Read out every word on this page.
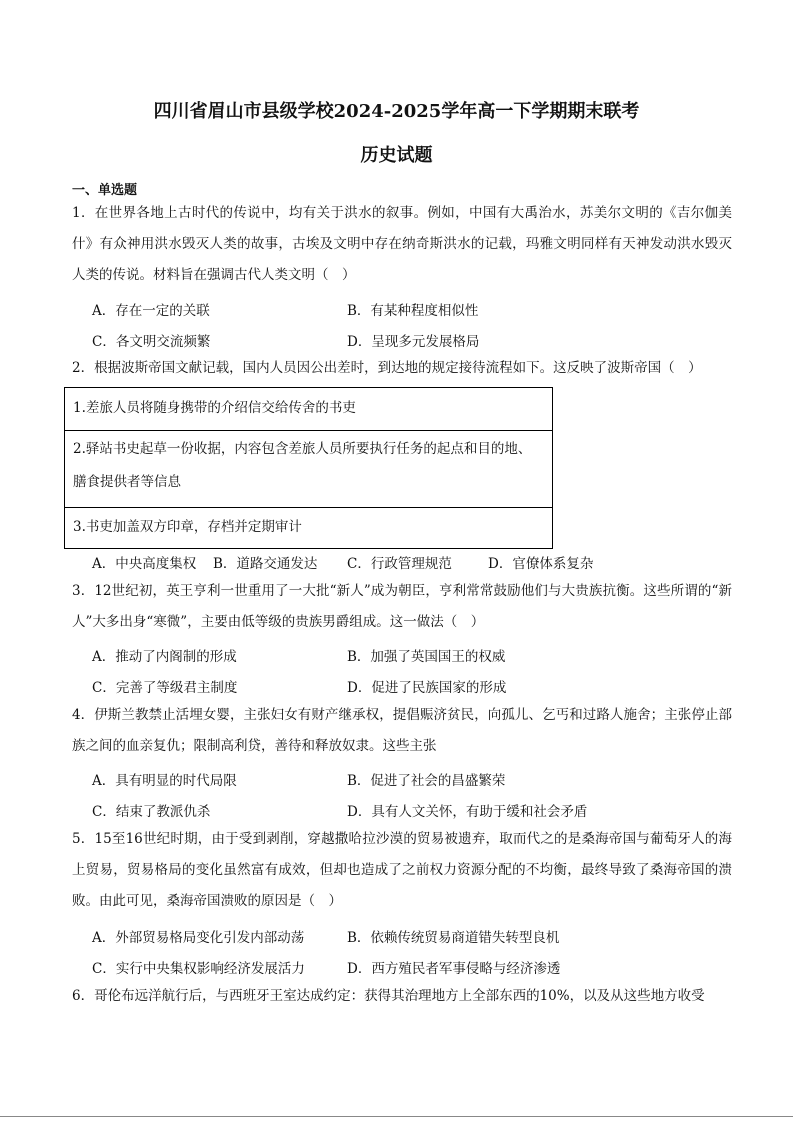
四川省眉山市县级学校2024-2025学年高一下学期期末联考
历史试题
一、单选题
1．在世界各地上古时代的传说中，均有关于洪水的叙事。例如，中国有大禹治水，苏美尔文明的《吉尔伽美什》有众神用洪水毁灭人类的故事，古埃及文明中存在纳奇斯洪水的记载，玛雅文明同样有天神发动洪水毁灭人类的传说。材料旨在强调古代人类文明（　）
A．存在一定的关联	B．有某种程度相似性
C．各文明交流频繁	D．呈现多元发展格局
2．根据波斯帝国文献记载，国内人员因公出差时，到达地的规定接待流程如下。这反映了波斯帝国（　）
1.差旅人员将随身携带的介绍信交给传舍的书吏
2.驿站书史起草一份收据，内容包含差旅人员所要执行任务的起点和目的地、膳食提供者等信息
3.书吏加盖双方印章，存档并定期审计
A．中央高度集权 B．道路交通发达 C．行政管理规范	D．官僚体系复杂
3．12世纪初，英王亨利一世重用了一大批“新人”成为朝臣，亨利常常鼓励他们与大贵族抗衡。这些所谓的“新人”大多出身“寒微”，主要由低等级的贵族男爵组成。这一做法（　）
A．推动了内阁制的形成	B．加强了英国国王的权威
C．完善了等级君主制度	D．促进了民族国家的形成
4．伊斯兰教禁止活埋女婴，主张妇女有财产继承权，提倡赈济贫民，向孤儿、乞丐和过路人施舍；主张停止部族之间的血亲复仇；限制高利贷，善待和释放奴隶。这些主张
A．具有明显的时代局限	B．促进了社会的昌盛繁荣
C．结束了教派仇杀	D．具有人文关怀，有助于缓和社会矛盾
5．15至16世纪时期，由于受到剥削，穿越撒哈拉沙漠的贸易被遗弃，取而代之的是桑海帝国与葡萄牙人的海上贸易，贸易格局的变化虽然富有成效，但却也造成了之前权力资源分配的不均衡，最终导致了桑海帝国的溃败。由此可见，桑海帝国溃败的原因是（　）
A．外部贸易格局变化引发内部动荡	B．依赖传统贸易商道错失转型良机
C．实行中央集权影响经济发展活力	D．西方殖民者军事侵略与经济渗透
6．哥伦布远洋航行后，与西班牙王室达成约定：获得其治理地方上全部东西的10%，以及从这些地方收受
